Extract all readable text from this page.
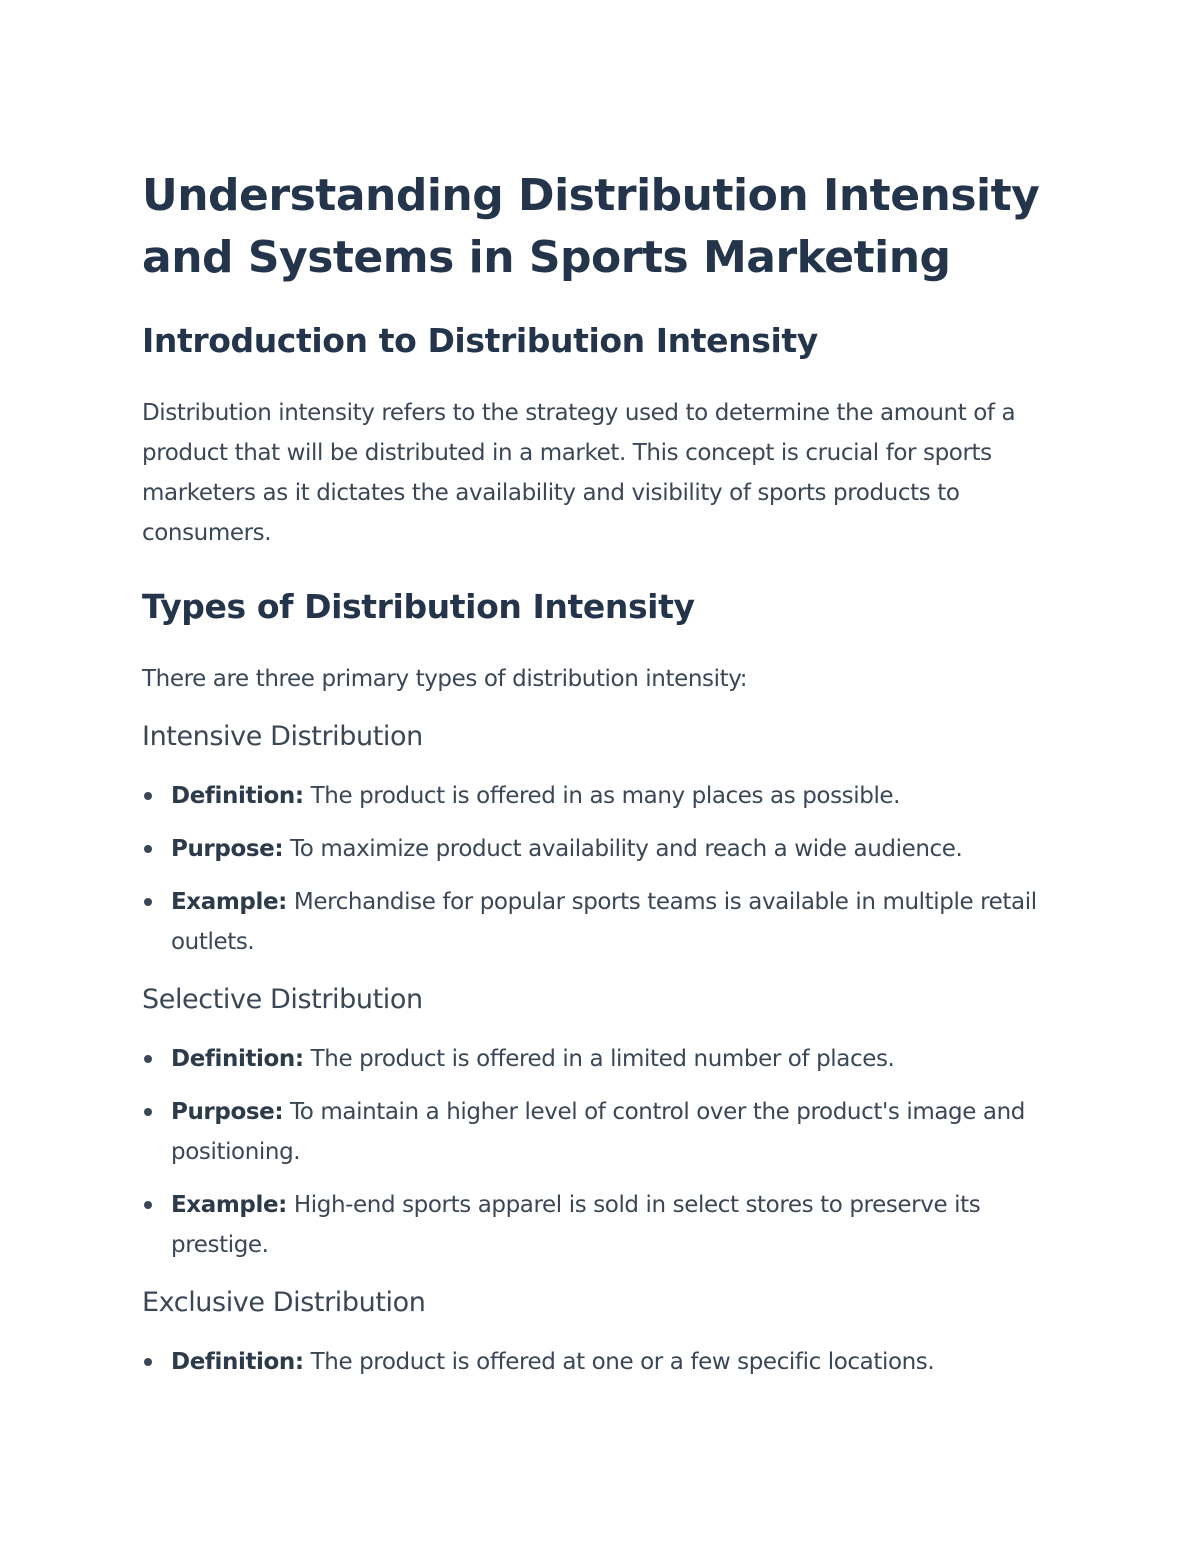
Understanding Distribution Intensity and Systems in Sports Marketing
Introduction to Distribution Intensity

Distribution intensity refers to the strategy used to determine the amount of a product that will be distributed in a market. This concept is crucial for sports marketers as it dictates the availability and visibility of sports products to consumers.

Types of Distribution Intensity

There are three primary types of distribution intensity:

Intensive Distribution
Definition: The product is offered in as many places as possible.
Purpose: To maximize product availability and reach a wide audience.
Example: Merchandise for popular sports teams is available in multiple retail outlets.
Selective Distribution
Definition: The product is offered in a limited number of places.
Purpose: To maintain a higher level of control over the product's image and positioning.
Example: High-end sports apparel is sold in select stores to preserve its prestige.
Exclusive Distribution
Definition: The product is offered at one or a few specific locations.
